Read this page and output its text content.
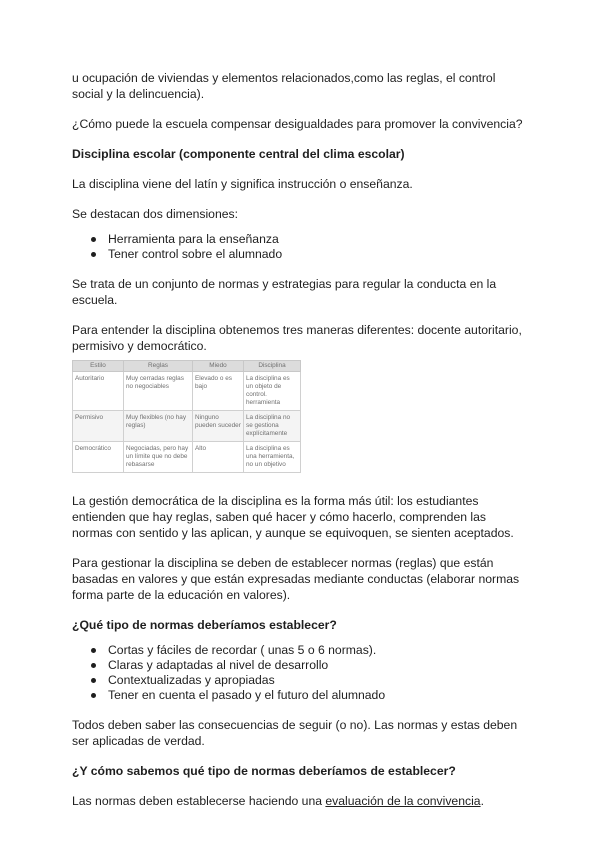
u ocupación de viviendas y elementos relacionados,como las reglas, el control social y la delincuencia).

¿Cómo puede la escuela compensar desigualdades para promover la convivencia?

Disciplina escolar (componente central del clima escolar)

La disciplina viene del latín y significa instrucción o enseñanza.

Se destacan dos dimensiones:

Herramienta para la enseñanza
Tener control sobre el alumnado

Se trata de un conjunto de normas y estrategias para regular la conducta en la escuela.

Para entender la disciplina obtenemos tres maneras diferentes: docente autoritario, permisivo y democrático.

Estilo	Reglas	Miedo	Disciplina
Autoritario	Muy cerradas reglas no negociables	Elevado o es bajo	La disciplina es un objeto de control. herramienta
Permisivo	Muy flexibles (no hay reglas)	Ninguno pueden suceder	La disciplina no se gestiona explícitamente
Democrático	Negociadas, pero hay un límite que no debe rebasarse	Alto	La disciplina es una herramienta, no un objetivo

La gestión democrática de la disciplina es la forma más útil: los estudiantes entienden que hay reglas, saben qué hacer y cómo hacerlo, comprenden las normas con sentido y las aplican, y aunque se equivoquen, se sienten aceptados.

Para gestionar la disciplina se deben de establecer normas (reglas) que están basadas en valores y que están expresadas mediante conductas (elaborar normas forma parte de la educación en valores).

¿Qué tipo de normas deberíamos establecer?

Cortas y fáciles de recordar ( unas 5 o 6 normas).
Claras y adaptadas al nivel de desarrollo
Contextualizadas y apropiadas
Tener en cuenta el pasado y el futuro del alumnado

Todos deben saber las consecuencias de seguir (o no). Las normas y estas deben ser aplicadas de verdad.

¿Y cómo sabemos qué tipo de normas deberíamos de establecer?

Las normas deben establecerse haciendo una evaluación de la convivencia.
